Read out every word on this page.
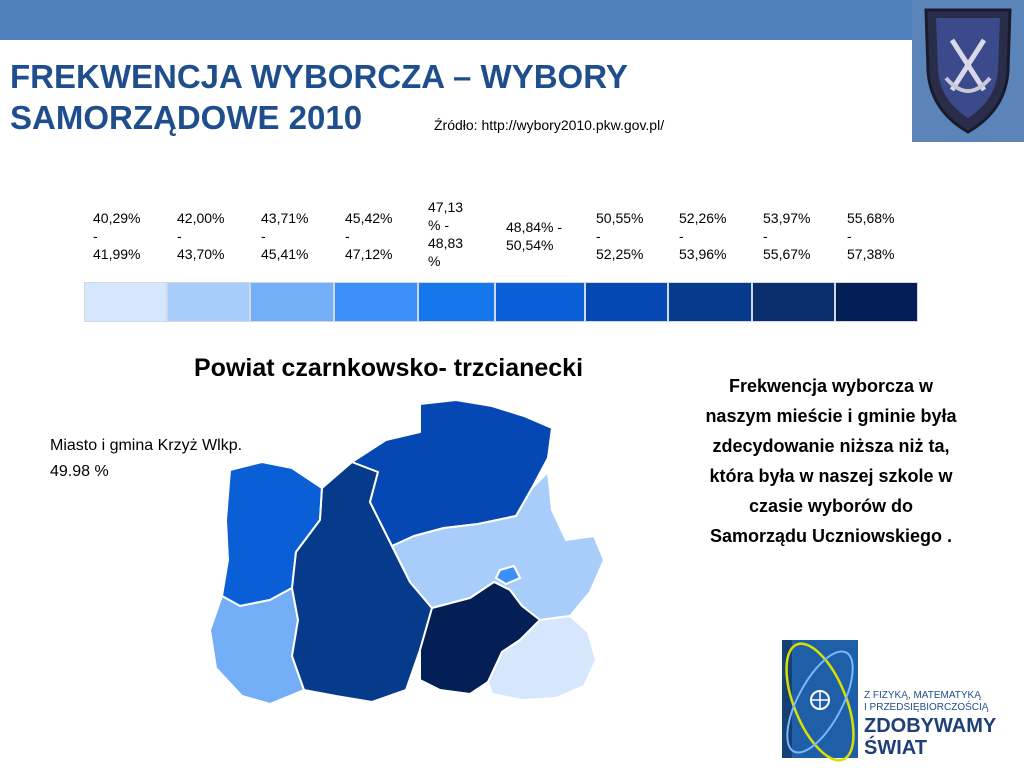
FREKWENCJA WYBORCZA – WYBORY
SAMORZĄDOWE 2010	Źródło: http://wybory2010.pkw.gov.pl/
40,29%
-
41,99%
42,00%
-
43,70%
43,71%
-
45,41%
45,42%
-
47,12%
47,13
% -
48,83
%
48,84% -
50,54%
50,55%
-
52,25%
52,26%
-
53,96%
53,97%
-
55,67%
55,68%
-
57,38%
Powiat czarnkowsko- trzcianecki
Miasto i gmina Krzyż Wlkp.
49.98 %
Frekwencja wyborcza w naszym mieście i gminie była zdecydowanie niższa niż ta, która była w naszej szkole w czasie wyborów do Samorządu Uczniowskiego .
Z FIZYKĄ, MATEMATYKĄ
I PRZEDSIĘBIORCZOŚCIĄ
ZDOBYWAMY
ŚWIAT
